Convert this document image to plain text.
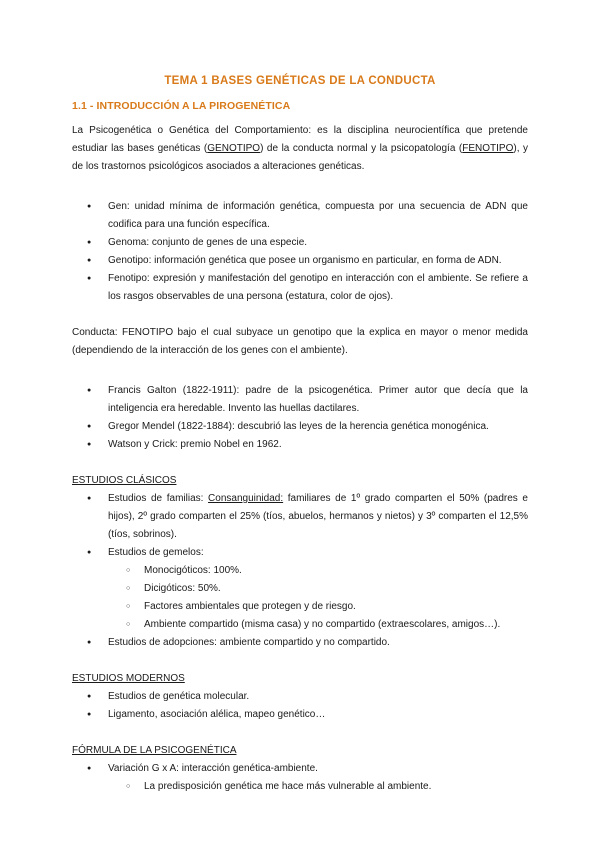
TEMA 1 BASES GENÉTICAS DE LA CONDUCTA
1.1 - INTRODUCCIÓN A LA PIROGENÉTICA

La Psicogenética o Genética del Comportamiento: es la disciplina neurocientífica que pretende estudiar las bases genéticas (GENOTIPO) de la conducta normal y la psicopatología (FENOTIPO), y de los trastornos psicológicos asociados a alteraciones genéticas.

● Gen: unidad mínima de información genética, compuesta por una secuencia de ADN que codifica para una función específica.
● Genoma: conjunto de genes de una especie.
● Genotipo: información genética que posee un organismo en particular, en forma de ADN.
● Fenotipo: expresión y manifestación del genotipo en interacción con el ambiente. Se refiere a los rasgos observables de una persona (estatura, color de ojos).

Conducta: FENOTIPO bajo el cual subyace un genotipo que la explica en mayor o menor medida (dependiendo de la interacción de los genes con el ambiente).

● Francis Galton (1822-1911): padre de la psicogenética. Primer autor que decía que la inteligencia era heredable. Invento las huellas dactilares.
● Gregor Mendel (1822-1884): descubrió las leyes de la herencia genética monogénica.
● Watson y Crick: premio Nobel en 1962.

ESTUDIOS CLÁSICOS

● Estudios de familias: Consanguinidad: familiares de 1º grado comparten el 50% (padres e hijos), 2º grado comparten el 25% (tíos, abuelos, hermanos y nietos) y 3º comparten el 12,5% (tíos, sobrinos).
● Estudios de gemelos:
○ Monocigóticos: 100%.
○ Dicigóticos: 50%.
○ Factores ambientales que protegen y de riesgo.
○ Ambiente compartido (misma casa) y no compartido (extraescolares, amigos…).
● Estudios de adopciones: ambiente compartido y no compartido.

ESTUDIOS MODERNOS

● Estudios de genética molecular.
● Ligamento, asociación alélica, mapeo genético…

FÓRMULA DE LA PSICOGENÉTICA

● Variación G x A: interacción genética-ambiente.
○ La predisposición genética me hace más vulnerable al ambiente.
